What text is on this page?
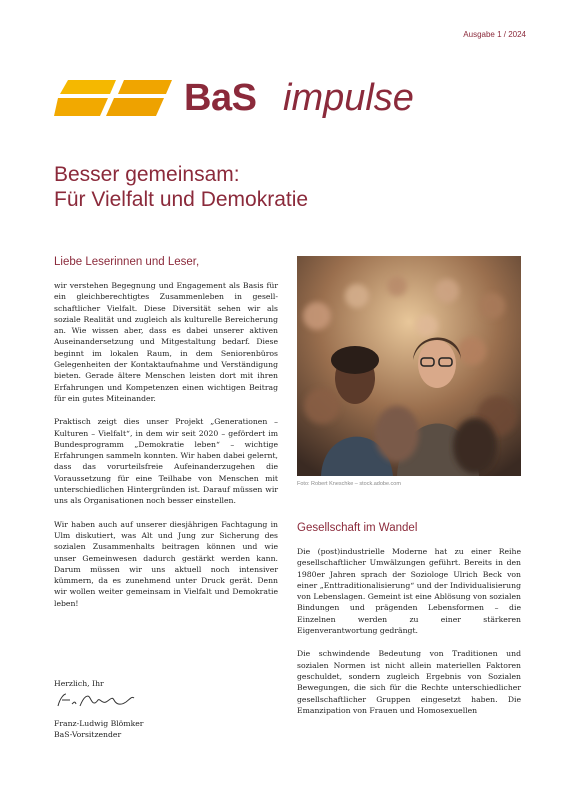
Ausgabe 1 / 2024
BaS impulse
Besser gemeinsam:
Für Vielfalt und Demokratie
Liebe Leserinnen und Leser,

wir verstehen Begegnung und Engagement als Basis für ein gleichberechtigtes Zusammenleben in gesellschaftlicher Vielfalt. Diese Diversität sehen wir als soziale Realität und zugleich als kulturelle Bereicherung an. Wie wissen aber, dass es dabei unserer aktiven Auseinandersetzung und Mitgestaltung bedarf. Diese beginnt im lokalen Raum, in dem Seniorenbüros Gelegenheiten der Kontaktaufnahme und Verständigung bieten. Gerade ältere Menschen leisten dort mit ihren Erfahrungen und Kompetenzen einen wichtigen Beitrag für ein gutes Miteinander.

Praktisch zeigt dies unser Projekt „Generationen – Kulturen – Vielfalt“, in dem wir seit 2020 – gefördert im Bundesprogramm „Demokratie leben“ – wichtige Erfahrungen sammeln konnten. Wir haben dabei gelernt, dass das vorurteilsfreie Aufeinanderzugehen die Voraussetzung für eine Teilhabe von Menschen mit unterschiedlichen Hintergründen ist. Darauf müssen wir uns als Organisationen noch besser einstellen.

Wir haben auch auf unserer diesjährigen Fachtagung in Ulm diskutiert, was Alt und Jung zur Sicherung des sozialen Zusammenhalts beitragen können und wie unser Gemeinwesen dadurch gestärkt werden kann. Darum müssen wir uns aktuell noch intensiver kümmern, da es zunehmend unter Druck gerät. Denn wir wollen weiter gemeinsam in Vielfalt und Demokratie leben!

Herzlich, Ihr
Franz-Ludwig Blömker
BaS-Vorsitzender
Foto: Robert Kneschke – stock.adobe.com
Gesellschaft im Wandel

Die (post)industrielle Moderne hat zu einer Reihe gesellschaftlicher Umwälzungen geführt. Bereits in den 1980er Jahren sprach der Soziologe Ulrich Beck von einer „Enttraditionalisierung“ und der Individualisierung von Lebenslagen. Gemeint ist eine Ablösung von sozialen Bindungen und prägenden Lebensformen – die Einzelnen werden zu einer stärkeren Eigenverantwortung gedrängt.

Die schwindende Bedeutung von Traditionen und sozialen Normen ist nicht allein materiellen Faktoren geschuldet, sondern zugleich Ergebnis von Sozialen Bewegungen, die sich für die Rechte unterschiedlicher gesellschaftlicher Gruppen eingesetzt haben. Die Emanzipation von Frauen und Homosexuellen
